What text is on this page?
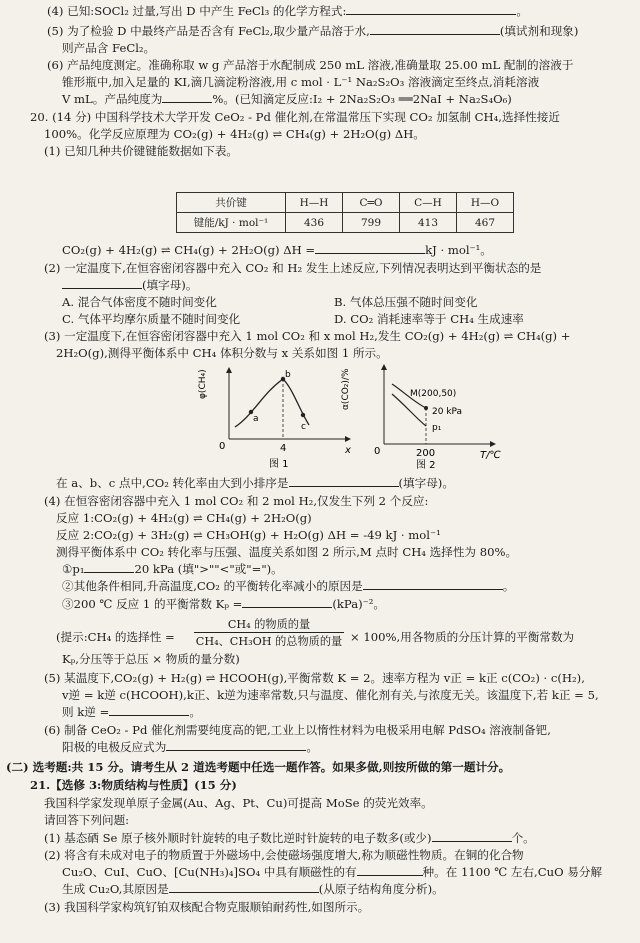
(4) 已知:SOCl₂ 过量,写出 D 中产生 FeCl₃ 的化学方程式:	。
(5) 为了检验 D 中最终产品是否含有 FeCl₂,取少量产品溶于水,	(填试剂和现象)
则产品含 FeCl₂。
(6) 产品纯度测定。准确称取 w g 产品溶于水配制成 250 mL 溶液,准确量取 25.00 mL 配制的溶液于
锥形瓶中,加入足量的 KI,滴几滴淀粉溶液,用 c mol · L⁻¹ Na₂S₂O₃ 溶液滴定至终点,消耗溶液
V mL。产品纯度为	%。(已知滴定反应:I₂ + 2Na₂S₂O₃ ══2NaI + Na₂S₄O₆)
20. (14 分) 中国科学技术大学开发 CeO₂ - Pd 催化剂,在常温常压下实现 CO₂ 加氢制 CH₄,选择性接近
100%。化学反应原理为 CO₂(g) + 4H₂(g) ⇌ CH₄(g) + 2H₂O(g) ΔH。
(1) 已知几种共价键键能数据如下表。
共价键	H—H	C═O	C—H	H—O
键能/kJ · mol⁻¹	436	799	413	467
CO₂(g) + 4H₂(g) ⇌ CH₄(g) + 2H₂O(g) ΔH =	kJ · mol⁻¹。
(2) 一定温度下,在恒容密闭容器中充入 CO₂ 和 H₂ 发生上述反应,下列情况表明达到平衡状态的是
(填字母)。
A. 混合气体密度不随时间变化	B. 气体总压强不随时间变化
C. 气体平均摩尔质量不随时间变化	D. CO₂ 消耗速率等于 CH₄ 生成速率
(3) 一定温度下,在恒容密闭容器中充入 1 mol CO₂ 和 x mol H₂,发生 CO₂(g) + 4H₂(g) ⇌ CH₄(g) +
2H₂O(g),测得平衡体系中 CH₄ 体积分数与 x 关系如图 1 所示。
φ(CH₄)
x
0
a
b
c
4
图 1
α(CO₂)/%
T/℃
0
M(200,50)
20 kPa
p₁
200
图 2
在 a、b、c 点中,CO₂ 转化率由大到小排序是	(填字母)。
(4) 在恒容密闭容器中充入 1 mol CO₂ 和 2 mol H₂,仅发生下列 2 个反应:
反应 1:CO₂(g) + 4H₂(g) ⇌ CH₄(g) + 2H₂O(g)
反应 2:CO₂(g) + 3H₂(g) ⇌ CH₃OH(g) + H₂O(g) ΔH = -49 kJ · mol⁻¹
测得平衡体系中 CO₂ 转化率与压强、温度关系如图 2 所示,M 点时 CH₄ 选择性为 80%。
①p₁	20 kPa (填">""<"或"=")。
②其他条件相同,升高温度,CO₂ 的平衡转化率减小的原因是	。
③200 ℃ 反应 1 的平衡常数 Kₚ =	(kPa)⁻²。
(提示:CH₄ 的选择性 =
CH₄ 的物质的量
CH₄、CH₃OH 的总物质的量 × 100%,用各物质的分压计算的平衡常数为
Kₚ,分压等于总压 × 物质的量分数)
(5) 某温度下,CO₂(g) + H₂(g) ⇌ HCOOH(g),平衡常数 K = 2。速率方程为 v正 = k正 c(CO₂) · c(H₂),
v逆 = k逆 c(HCOOH),k正、k逆为速率常数,只与温度、催化剂有关,与浓度无关。该温度下,若 k正 = 5,
则 k逆 =	。
(6) 制备 CeO₂ - Pd 催化剂需要纯度高的钯,工业上以惰性材料为电极采用电解 PdSO₄ 溶液制备钯,
阳极的电极反应式为	。
(二) 选考题:共 15 分。请考生从 2 道选考题中任选一题作答。如果多做,则按所做的第一题计分。
21.【选修 3:物质结构与性质】(15 分)
我国科学家发现单原子金属(Au、Ag、Pt、Cu)可提高 MoSe 的荧光效率。
请回答下列问题:
(1) 基态硒 Se 原子核外顺时针旋转的电子数比逆时针旋转的电子数多(或少)	个。
(2) 将含有未成对电子的物质置于外磁场中,会使磁场强度增大,称为顺磁性物质。在铜的化合物
Cu₂O、CuI、CuO、[Cu(NH₃)₄]SO₄ 中具有顺磁性的有	种。在 1100 ℃ 左右,CuO 易分解
生成 Cu₂O,其原因是	(从原子结构角度分析)。
(3) 我国科学家构筑钌铂双核配合物克服顺铂耐药性,如图所示。
